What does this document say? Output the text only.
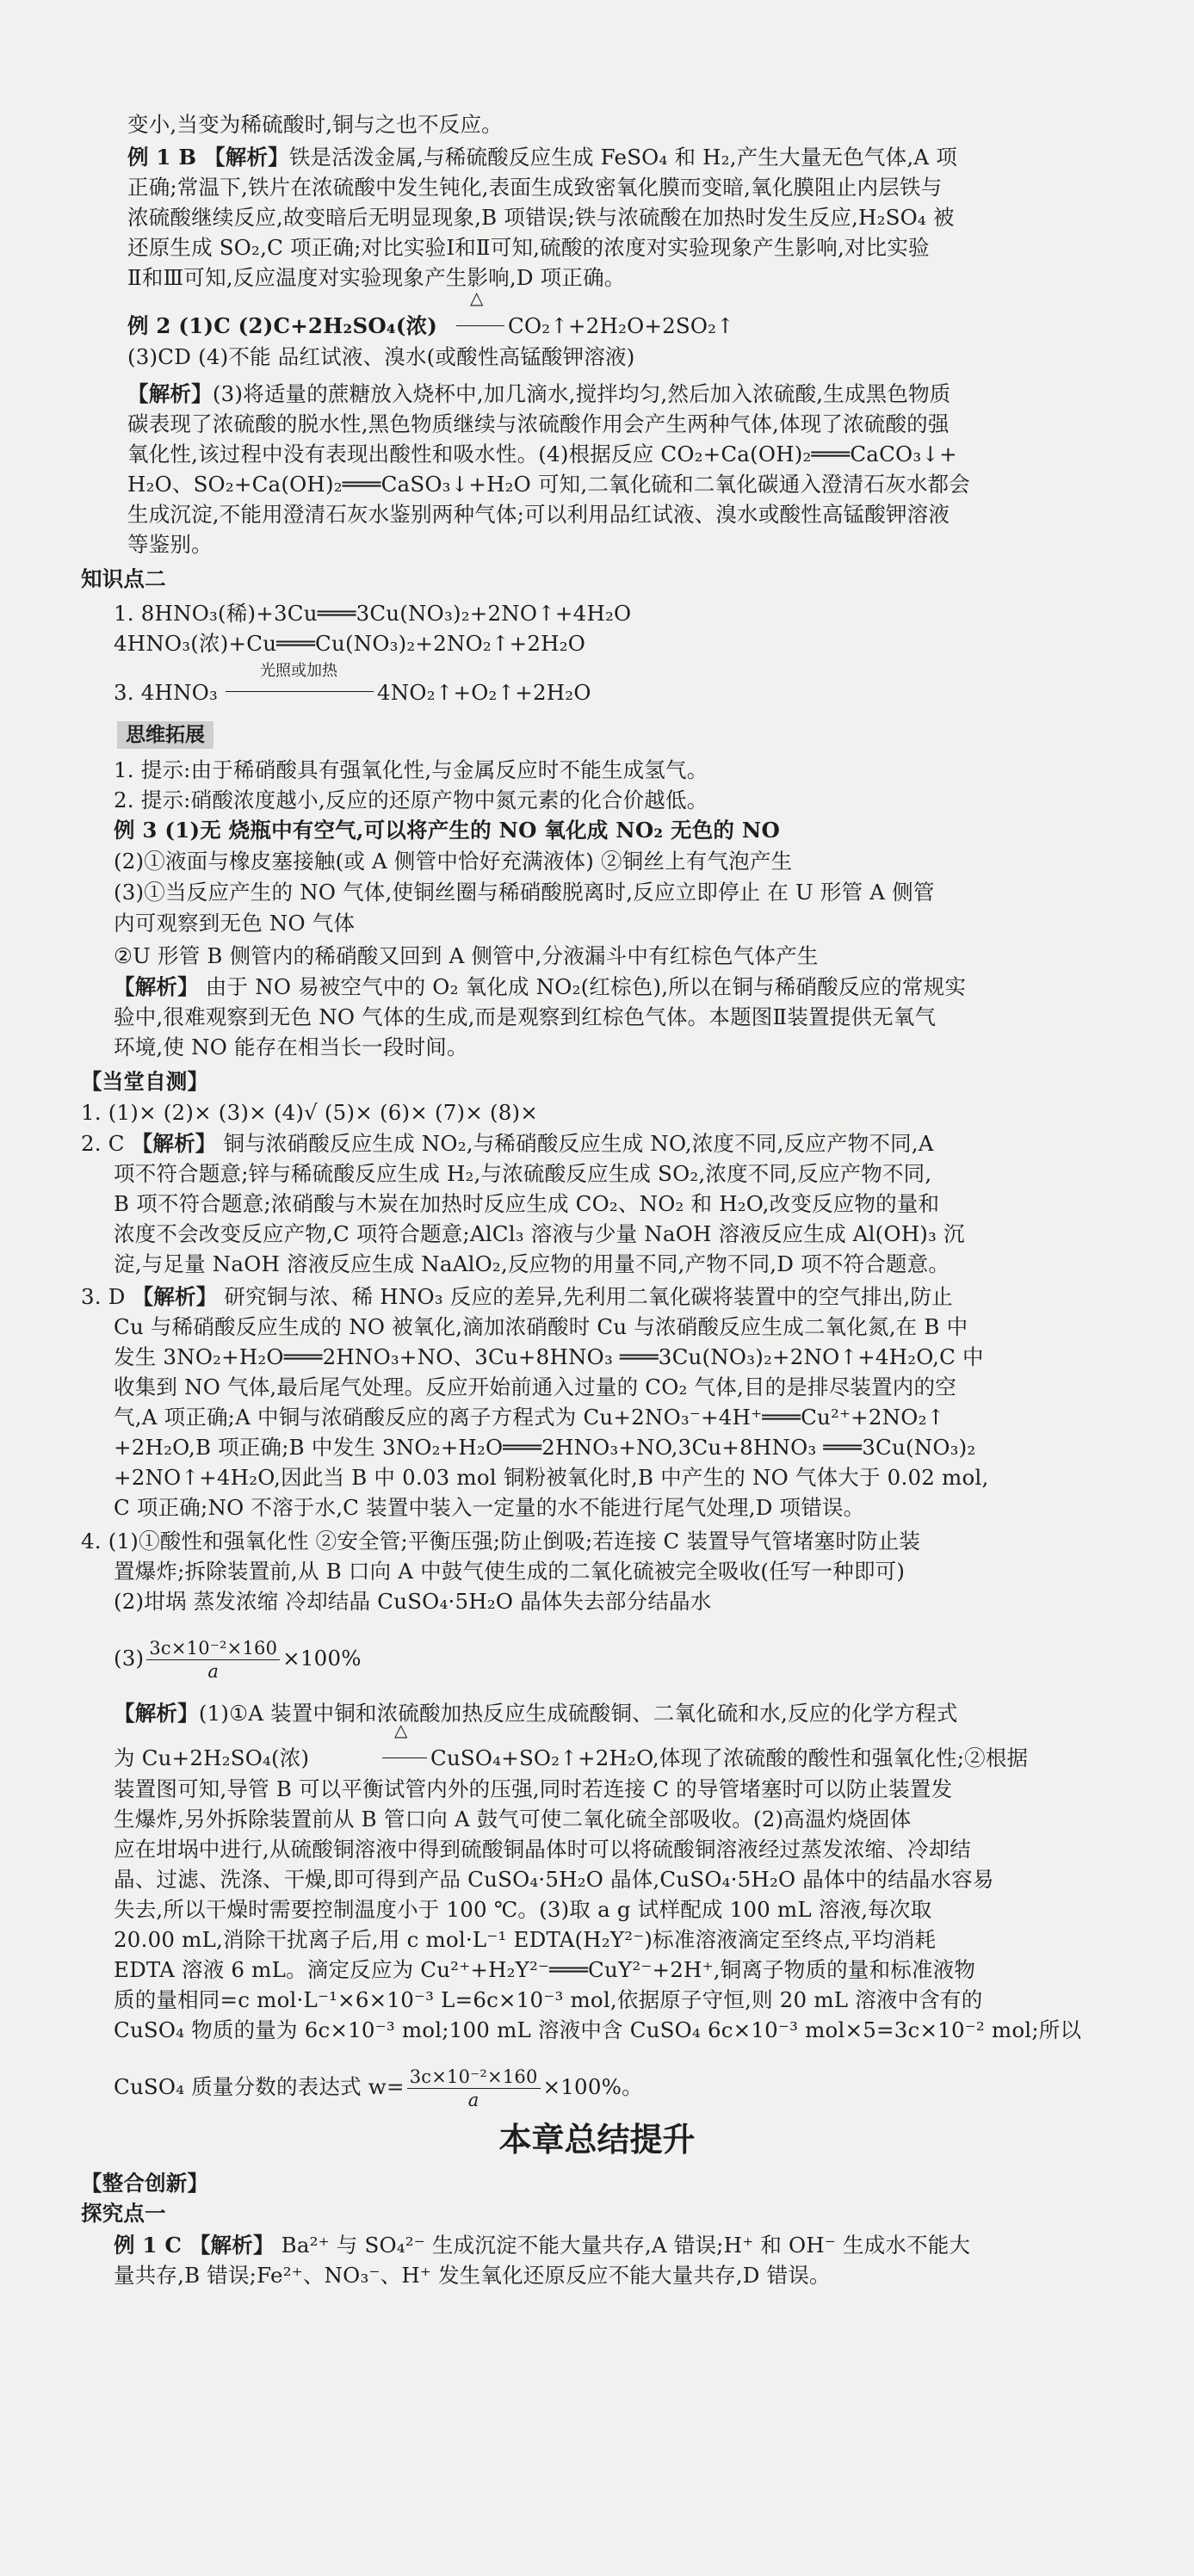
变小,当变为稀硫酸时,铜与之也不反应。
例 1 B 【解析】铁是活泼金属,与稀硫酸反应生成 FeSO₄ 和 H₂,产生大量无色气体,A 项
正确;常温下,铁片在浓硫酸中发生钝化,表面生成致密氧化膜而变暗,氧化膜阻止内层铁与
浓硫酸继续反应,故变暗后无明显现象,B 项错误;铁与浓硫酸在加热时发生反应,H₂SO₄ 被
还原生成 SO₂,C 项正确;对比实验Ⅰ和Ⅱ可知,硫酸的浓度对实验现象产生影响,对比实验
Ⅱ和Ⅲ可知,反应温度对实验现象产生影响,D 项正确。
例 2 (1)C (2)C+2H₂SO₄(浓)
△
CO₂↑+2H₂O+2SO₂↑
(3)CD (4)不能 品红试液、溴水(或酸性高锰酸钾溶液)
【解析】(3)将适量的蔗糖放入烧杯中,加几滴水,搅拌均匀,然后加入浓硫酸,生成黑色物质
碳表现了浓硫酸的脱水性,黑色物质继续与浓硫酸作用会产生两种气体,体现了浓硫酸的强
氧化性,该过程中没有表现出酸性和吸水性。(4)根据反应 CO₂+Ca(OH)₂═══CaCO₃↓+
H₂O、SO₂+Ca(OH)₂═══CaSO₃↓+H₂O 可知,二氧化硫和二氧化碳通入澄清石灰水都会
生成沉淀,不能用澄清石灰水鉴别两种气体;可以利用品红试液、溴水或酸性高锰酸钾溶液
等鉴别。
知识点二
1. 8HNO₃(稀)+3Cu═══3Cu(NO₃)₂+2NO↑+4H₂O
4HNO₃(浓)+Cu═══Cu(NO₃)₂+2NO₂↑+2H₂O
3. 4HNO₃
光照或加热
4NO₂↑+O₂↑+2H₂O
思维拓展
1. 提示:由于稀硝酸具有强氧化性,与金属反应时不能生成氢气。
2. 提示:硝酸浓度越小,反应的还原产物中氮元素的化合价越低。
例 3 (1)无 烧瓶中有空气,可以将产生的 NO 氧化成 NO₂ 无色的 NO
(2)①液面与橡皮塞接触(或 A 侧管中恰好充满液体) ②铜丝上有气泡产生
(3)①当反应产生的 NO 气体,使铜丝圈与稀硝酸脱离时,反应立即停止 在 U 形管 A 侧管
内可观察到无色 NO 气体
②U 形管 B 侧管内的稀硝酸又回到 A 侧管中,分液漏斗中有红棕色气体产生
【解析】 由于 NO 易被空气中的 O₂ 氧化成 NO₂(红棕色),所以在铜与稀硝酸反应的常规实
验中,很难观察到无色 NO 气体的生成,而是观察到红棕色气体。本题图Ⅱ装置提供无氧气
环境,使 NO 能存在相当长一段时间。
【当堂自测】
1. (1)× (2)× (3)× (4)√ (5)× (6)× (7)× (8)×
2. C 【解析】 铜与浓硝酸反应生成 NO₂,与稀硝酸反应生成 NO,浓度不同,反应产物不同,A
项不符合题意;锌与稀硫酸反应生成 H₂,与浓硫酸反应生成 SO₂,浓度不同,反应产物不同,
B 项不符合题意;浓硝酸与木炭在加热时反应生成 CO₂、NO₂ 和 H₂O,改变反应物的量和
浓度不会改变反应产物,C 项符合题意;AlCl₃ 溶液与少量 NaOH 溶液反应生成 Al(OH)₃ 沉
淀,与足量 NaOH 溶液反应生成 NaAlO₂,反应物的用量不同,产物不同,D 项不符合题意。
3. D 【解析】 研究铜与浓、稀 HNO₃ 反应的差异,先利用二氧化碳将装置中的空气排出,防止
Cu 与稀硝酸反应生成的 NO 被氧化,滴加浓硝酸时 Cu 与浓硝酸反应生成二氧化氮,在 B 中
发生 3NO₂+H₂O═══2HNO₃+NO、3Cu+8HNO₃ ═══3Cu(NO₃)₂+2NO↑+4H₂O,C 中
收集到 NO 气体,最后尾气处理。反应开始前通入过量的 CO₂ 气体,目的是排尽装置内的空
气,A 项正确;A 中铜与浓硝酸反应的离子方程式为 Cu+2NO₃⁻+4H⁺═══Cu²⁺+2NO₂↑
+2H₂O,B 项正确;B 中发生 3NO₂+H₂O═══2HNO₃+NO,3Cu+8HNO₃ ═══3Cu(NO₃)₂
+2NO↑+4H₂O,因此当 B 中 0.03 mol 铜粉被氧化时,B 中产生的 NO 气体大于 0.02 mol,
C 项正确;NO 不溶于水,C 装置中装入一定量的水不能进行尾气处理,D 项错误。
4. (1)①酸性和强氧化性 ②安全管;平衡压强;防止倒吸;若连接 C 装置导气管堵塞时防止装
置爆炸;拆除装置前,从 B 口向 A 中鼓气使生成的二氧化硫被完全吸收(任写一种即可)
(2)坩埚 蒸发浓缩 冷却结晶 CuSO₄·5H₂O 晶体失去部分结晶水
$(3) \frac{\text{3c×10⁻²×160}}{a} \times 100\%$
【解析】(1)①A 装置中铜和浓硫酸加热反应生成硫酸铜、二氧化硫和水,反应的化学方程式
为 Cu+2H₂SO₄(浓)
△
CuSO₄+SO₂↑+2H₂O,体现了浓硫酸的酸性和强氧化性;②根据
装置图可知,导管 B 可以平衡试管内外的压强,同时若连接 C 的导管堵塞时可以防止装置发
生爆炸,另外拆除装置前从 B 管口向 A 鼓气可使二氧化硫全部吸收。(2)高温灼烧固体
应在坩埚中进行,从硫酸铜溶液中得到硫酸铜晶体时可以将硫酸铜溶液经过蒸发浓缩、冷却结
晶、过滤、洗涤、干燥,即可得到产品 CuSO₄·5H₂O 晶体,CuSO₄·5H₂O 晶体中的结晶水容易
失去,所以干燥时需要控制温度小于 100 ℃。(3)取 a g 试样配成 100 mL 溶液,每次取
20.00 mL,消除干扰离子后,用 c mol·L⁻¹ EDTA(H₂Y²⁻)标准溶液滴定至终点,平均消耗
EDTA 溶液 6 mL。滴定反应为 Cu²⁺+H₂Y²⁻═══CuY²⁻+2H⁺,铜离子物质的量和标准液物
质的量相同=c mol·L⁻¹×6×10⁻³ L=6c×10⁻³ mol,依据原子守恒,则 20 mL 溶液中含有的
CuSO₄ 物质的量为 6c×10⁻³ mol;100 mL 溶液中含 CuSO₄ 6c×10⁻³ mol×5=3c×10⁻² mol;所以
CuSO₄ 质量分数的表达式 $w= \frac{\text{3c×10⁻²×160}}{a} \times 100\%$。
本章总结提升
【整合创新】
探究点一
例 1 C 【解析】 Ba²⁺ 与 SO₄²⁻ 生成沉淀不能大量共存,A 错误;H⁺ 和 OH⁻ 生成水不能大
量共存,B 错误;Fe²⁺、NO₃⁻、H⁺ 发生氧化还原反应不能大量共存,D 错误。
